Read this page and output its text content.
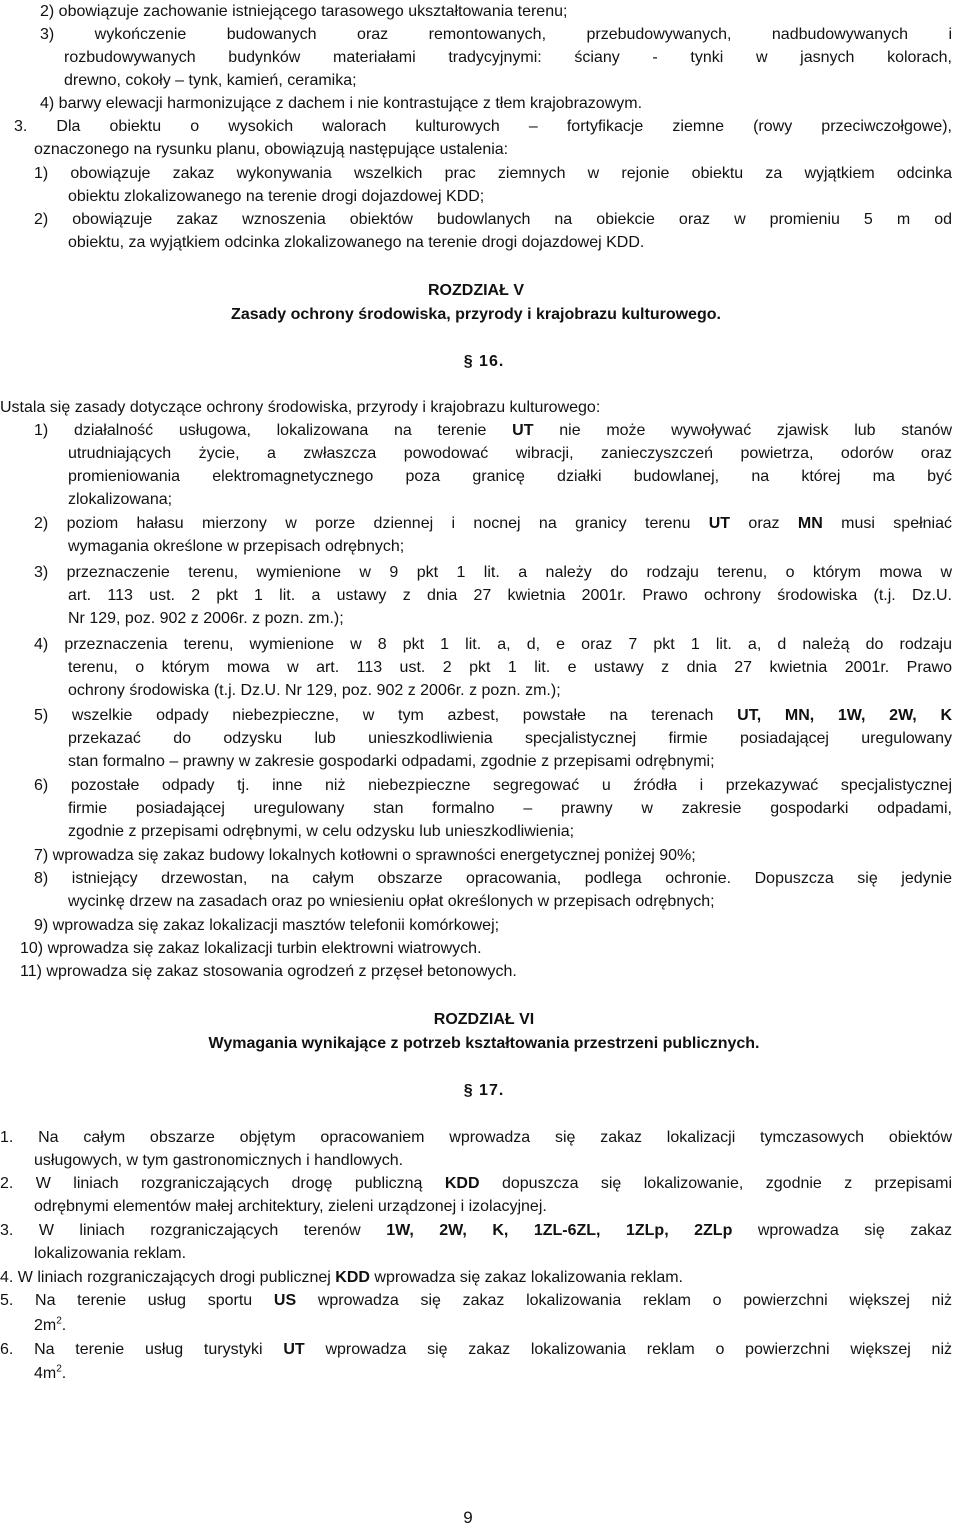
2) obowiązuje zachowanie istniejącego tarasowego ukształtowania terenu;
3) wykończenie budowanych oraz remontowanych, przebudowywanych, nadbudowywanych i
rozbudowywanych budynków materiałami tradycyjnymi: ściany - tynki w jasnych kolorach,
drewno, cokoły – tynk, kamień, ceramika;
4) barwy elewacji harmonizujące z dachem i nie kontrastujące z tłem krajobrazowym.
3. Dla obiektu o wysokich walorach kulturowych – fortyfikacje ziemne (rowy przeciwczołgowe),
oznaczonego na rysunku planu, obowiązują następujące ustalenia:
1) obowiązuje zakaz wykonywania wszelkich prac ziemnych w rejonie obiektu za wyjątkiem odcinka
obiektu zlokalizowanego na terenie drogi dojazdowej KDD;
2) obowiązuje zakaz wznoszenia obiektów budowlanych na obiekcie oraz w promieniu 5 m od
obiektu, za wyjątkiem odcinka zlokalizowanego na terenie drogi dojazdowej KDD.
ROZDZIAŁ V
Zasady ochrony środowiska, przyrody i krajobrazu kulturowego.
§ 16.
Ustala się zasady dotyczące ochrony środowiska, przyrody i krajobrazu kulturowego:
1) działalność usługowa, lokalizowana na terenie UT nie może wywoływać zjawisk lub stanów
utrudniających życie, a zwłaszcza powodować wibracji, zanieczyszczeń powietrza, odorów oraz
promieniowania elektromagnetycznego poza granicę działki budowlanej, na której ma być
zlokalizowana;
2) poziom hałasu mierzony w porze dziennej i nocnej na granicy terenu UT oraz MN musi spełniać
wymagania określone w przepisach odrębnych;
3) przeznaczenie terenu, wymienione w 9 pkt 1 lit. a należy do rodzaju terenu, o którym mowa w
art. 113 ust. 2 pkt 1 lit. a ustawy z dnia 27 kwietnia 2001r. Prawo ochrony środowiska (t.j. Dz.U.
Nr 129, poz. 902 z 2006r. z pozn. zm.);
4) przeznaczenia terenu, wymienione w 8 pkt 1 lit. a, d, e oraz 7 pkt 1 lit. a, d należą do rodzaju
terenu, o którym mowa w art. 113 ust. 2 pkt 1 lit. e ustawy z dnia 27 kwietnia 2001r. Prawo
ochrony środowiska (t.j. Dz.U. Nr 129, poz. 902 z 2006r. z pozn. zm.);
5) wszelkie odpady niebezpieczne, w tym azbest, powstałe na terenach UT, MN, 1W, 2W, K
przekazać do odzysku lub unieszkodliwienia specjalistycznej firmie posiadającej uregulowany
stan formalno – prawny w zakresie gospodarki odpadami, zgodnie z przepisami odrębnymi;
6) pozostałe odpady tj. inne niż niebezpieczne segregować u źródła i przekazywać specjalistycznej
firmie posiadającej uregulowany stan formalno – prawny w zakresie gospodarki odpadami,
zgodnie z przepisami odrębnymi, w celu odzysku lub unieszkodliwienia;
7) wprowadza się zakaz budowy lokalnych kotłowni o sprawności energetycznej poniżej 90%;
8) istniejący drzewostan, na całym obszarze opracowania, podlega ochronie. Dopuszcza się jedynie
wycinkę drzew na zasadach oraz po wniesieniu opłat określonych w przepisach odrębnych;
9) wprowadza się zakaz lokalizacji masztów telefonii komórkowej;
10) wprowadza się zakaz lokalizacji turbin elektrowni wiatrowych.
11) wprowadza się zakaz stosowania ogrodzeń z przęseł betonowych.
ROZDZIAŁ VI
Wymagania wynikające z potrzeb kształtowania przestrzeni publicznych.
§ 17.
1. Na całym obszarze objętym opracowaniem wprowadza się zakaz lokalizacji tymczasowych obiektów
usługowych, w tym gastronomicznych i handlowych.
2. W liniach rozgraniczających drogę publiczną KDD dopuszcza się lokalizowanie, zgodnie z przepisami
odrębnymi elementów małej architektury, zieleni urządzonej i izolacyjnej.
3. W liniach rozgraniczających terenów 1W, 2W, K, 1ZL-6ZL, 1ZLp, 2ZLp wprowadza się zakaz
lokalizowania reklam.
4. W liniach rozgraniczających drogi publicznej KDD wprowadza się zakaz lokalizowania reklam.
5. Na terenie usług sportu US wprowadza się zakaz lokalizowania reklam o powierzchni większej niż
$2m^2$.
6. Na terenie usług turystyki UT wprowadza się zakaz lokalizowania reklam o powierzchni większej niż
$4m^2$.
9
